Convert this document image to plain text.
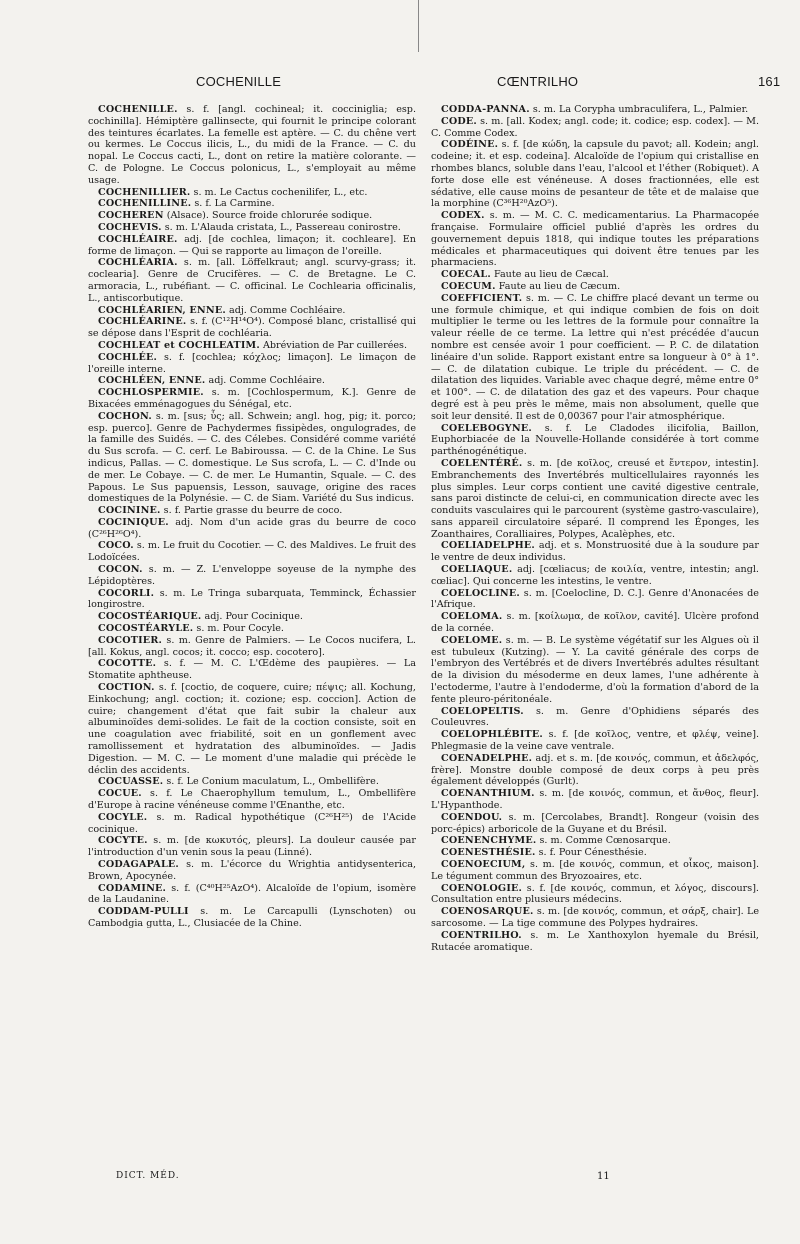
COCHENILLE	CŒNTRILHO	161

COCHENILLE. s. f. [angl. cochineal; it. cocciniglia; esp. cochinilla]. Hémiptère gallinsecte, qui fournit le principe colorant des teintures écarlates. La femelle est aptère. — C. du chêne vert ou kermes. Le Coccus ilicis, L., du midi de la France. — C. du nopal. Le Coccus cacti, L., dont on retire la matière colorante. — C. de Pologne. Le Coccus polonicus, L., s'employait au même usage.

COCHENILLIER. s. m. Le Cactus cochenilifer, L., etc.

COCHENILLINE. s. f. La Carmine.

COCHEREN (Alsace). Source froide chlorurée sodique.

COCHEVIS. s. m. L'Alauda cristata, L., Passereau conirostre.

COCHLÉAIRE. adj. [de cochlea, limaçon; it. cochleare]. En forme de limaçon. — Qui se rapporte au limaçon de l'oreille.

COCHLÉARIA. s. m. [all. Löffelkraut; angl. scurvy-grass; it. coclearia]. Genre de Crucifères. — C. de Bretagne. Le C. armoracia, L., rubéfiant. — C. officinal. Le Cochlearia officinalis, L., antiscorbutique.

COCHLÉARIEN, ENNE. adj. Comme Cochléaire.

COCHLÉARINE. s. f. (C¹²H¹⁴O⁴). Composé blanc, cristallisé qui se dépose dans l'Esprit de cochléaria.

COCHLEAT et COCHLEATIM. Abréviation de Par cuillerées.

COCHLÉE. s. f. [cochlea; κόχλος; limaçon]. Le limaçon de l'oreille interne.

COCHLÉEN, ENNE. adj. Comme Cochléaire.

COCHLOSPERMIE. s. m. [Cochlospermum, K.]. Genre de Bixacées emménagogues du Sénégal, etc.

COCHON. s. m. [sus; ὗς; all. Schwein; angl. hog, pig; it. porco; esp. puerco]. Genre de Pachydermes fissipèdes, ongulogrades, de la famille des Suidés. — C. des Célebes. Considéré comme variété du Sus scrofa. — C. cerf. Le Babiroussa. — C. de la Chine. Le Sus indicus, Pallas. — C. domestique. Le Sus scrofa, L. — C. d'Inde ou de mer. Le Cobaye. — C. de mer. Le Humantin, Squale. — C. des Papous. Le Sus papuensis, Lesson, sauvage, origine des races domestiques de la Polynésie. — C. de Siam. Variété du Sus indicus.

COCININE. s. f. Partie grasse du beurre de coco.

COCINIQUE. adj. Nom d'un acide gras du beurre de coco (C²⁶H²⁶O⁴).

COCO. s. m. Le fruit du Cocotier. — C. des Maldives. Le fruit des Lodoïcées.

COCON. s. m. — Z. L'enveloppe soyeuse de la nymphe des Lépidoptères.

COCORLI. s. m. Le Tringa subarquata, Temminck, Échassier longirostre.

COCOSTÉARIQUE. adj. Pour Cocinique.

COCOSTÉARYLE. s. m. Pour Cocyle.

COCOTIER. s. m. Genre de Palmiers. — Le Cocos nucifera, L. [all. Kokus, angl. cocos; it. cocco; esp. cocotero].

COCOTTE. s. f. — M. C. L'Œdème des paupières. — La Stomatite aphtheuse.

COCTION. s. f. [coctio, de coquere, cuire; πέψις; all. Kochung, Einkochung; angl. coction; it. cozione; esp. coccion]. Action de cuire; changement d'état que fait subir la chaleur aux albuminoïdes demi-solides. Le fait de la coction consiste, soit en une coagulation avec friabilité, soit en un gonflement avec ramollissement et hydratation des albuminoïdes. — Jadis Digestion. — M. C. — Le moment d'une maladie qui précède le déclin des accidents.

COCUASSE. s. f. Le Conium maculatum, L., Ombellifère.

COCUE. s. f. Le Chaerophyllum temulum, L., Ombellifère d'Europe à racine vénéneuse comme l'Œnanthe, etc.

COCYLE. s. m. Radical hypothétique (C²⁶H²⁵) de l'Acide cocinique.

COCYTE. s. m. [de κωκυτός, pleurs]. La douleur causée par l'introduction d'un venin sous la peau (Linné).

CODAGAPALE. s. m. L'écorce du Wrightia antidysenterica, Brown, Apocynée.

CODAMINE. s. f. (C⁴⁰H²⁵AzO⁴). Alcaloïde de l'opium, isomère de la Laudanine.

CODDAM-PULLI s. m. Le Carcapulli (Lynschoten) ou Cambodgia gutta, L., Clusiacée de la Chine.

CODDA-PANNA. s. m. La Corypha umbraculifera, L., Palmier.

CODE. s. m. [all. Kodex; angl. code; it. codice; esp. codex]. — M. C. Comme Codex.

CODÉINE. s. f. [de κώδη, la capsule du pavot; all. Kodein; angl. codeine; it. et esp. codeina]. Alcaloïde de l'opium qui cristallise en rhombes blancs, soluble dans l'eau, l'alcool et l'éther (Robiquet). A forte dose elle est vénéneuse. A doses fractionnées, elle est sédative, elle cause moins de pesanteur de tête et de malaise que la morphine (C³⁶H²⁰AzO⁵).

CODEX. s. m. — M. C. C. medicamentarius. La Pharmacopée française. Formulaire officiel publié d'après les ordres du gouvernement depuis 1818, qui indique toutes les préparations médicales et pharmaceutiques qui doivent être tenues par les pharmaciens.

COECAL. Faute au lieu de Cæcal.

COECUM. Faute au lieu de Cæcum.

COEFFICIENT. s. m. — C. Le chiffre placé devant un terme ou une formule chimique, et qui indique combien de fois on doit multiplier le terme ou les lettres de la formule pour connaître la valeur réelle de ce terme. La lettre qui n'est précédée d'aucun nombre est censée avoir 1 pour coefficient. — P. C. de dilatation linéaire d'un solide. Rapport existant entre sa longueur à 0° à 1°. — C. de dilatation cubique. Le triple du précédent. — C. de dilatation des liquides. Variable avec chaque degré, même entre 0° et 100°. — C. de dilatation des gaz et des vapeurs. Pour chaque degré est à peu près le même, mais non absolument, quelle que soit leur densité. Il est de 0,00367 pour l'air atmosphérique.

COELEBOGYNE. s. f. Le Cladodes ilicifolia, Baillon, Euphorbiacée de la Nouvelle-Hollande considérée à tort comme parthénogénétique.

COELENTÉRÉ. s. m. [de κοῖλος, creusé et ἔντερον, intestin]. Embranchements des Invertébrés multicellulaires rayonnés les plus simples. Leur corps contient une cavité digestive centrale, sans paroi distincte de celui-ci, en communication directe avec les conduits vasculaires qui le parcourent (système gastro-vasculaire), sans appareil circulatoire séparé. Il comprend les Éponges, les Zoanthaires, Coralliaires, Polypes, Acalèphes, etc.

COELIADELPHE. adj. et s. Monstruosité due à la soudure par le ventre de deux individus.

COELIAQUE. adj. [cœliacus; de κοιλία, ventre, intestin; angl. cœliac]. Qui concerne les intestins, le ventre.

COELOCLINE. s. m. [Coelocline, D. C.]. Genre d'Anonacées de l'Afrique.

COELOMA. s. m. [κοίλωμα, de κοῖλον, cavité]. Ulcère profond de la cornée.

COELOME. s. m. — B. Le système végétatif sur les Algues où il est tubuleux (Kutzing). — Y. La cavité générale des corps de l'embryon des Vertébrés et de divers Invertébrés adultes résultant de la division du mésoderme en deux lames, l'une adhérente à l'ectoderme, l'autre à l'endoderme, d'où la formation d'abord de la fente pleuro-péritonéale.

COELOPELTIS. s. m. Genre d'Ophidiens séparés des Couleuvres.

COELOPHLÉBITE. s. f. [de κοῖλος, ventre, et φλέψ, veine]. Phlegmasie de la veine cave ventrale.

COENADELPHE. adj. et s. m. [de κοινός, commun, et ἀδελφός, frère]. Monstre double composé de deux corps à peu près également développés (Gurlt).

COENANTHIUM. s. m. [de κοινός, commun, et ἄνθος, fleur]. L'Hypanthode.

COENDOU. s. m. [Cercolabes, Brandt]. Rongeur (voisin des porc-épics) arboricole de la Guyane et du Brésil.

COENENCHYME. s. m. Comme Cœnosarque.

COENESTHÉSIE. s. f. Pour Cénesthésie.

COENOECIUM, s. m. [de κοινός, commun, et οἶκος, maison]. Le tégument commun des Bryozoaires, etc.

COENOLOGIE. s. f. [de κοινός, commun, et λόγος, discours]. Consultation entre plusieurs médecins.

COENOSARQUE. s. m. [de κοινός, commun, et σάρξ, chair]. Le sarcosome. — La tige commune des Polypes hydraires.

COENTRILHO. s. m. Le Xanthoxylon hyemale du Brésil, Rutacée aromatique.

DICT. MÉD.	11
